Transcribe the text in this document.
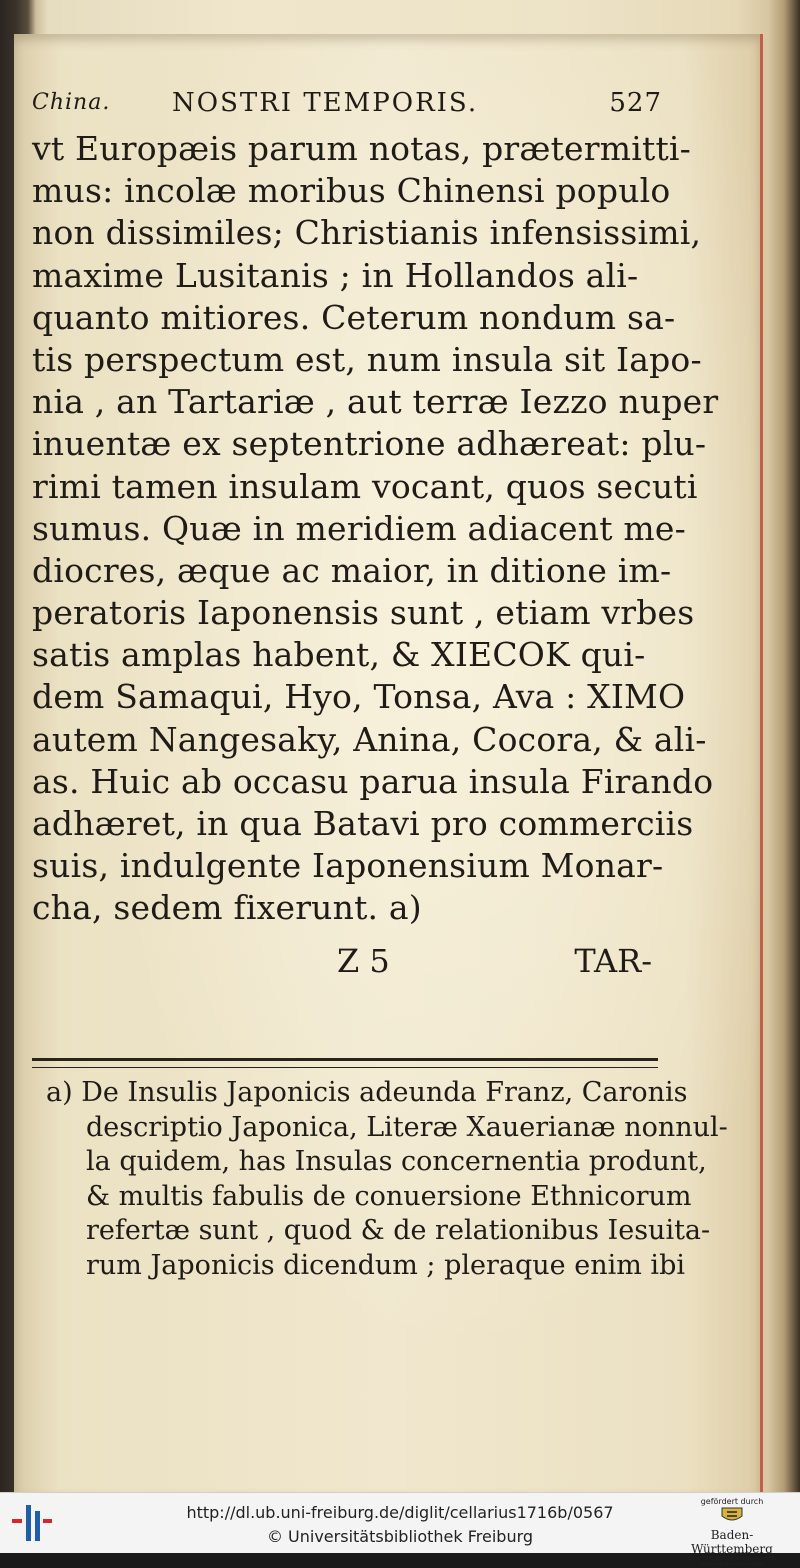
China. NOSTRI TEMPORIS.	527
vt Europæis parum notas, prætermitti-
mus: incolæ moribus Chinensi populo
non dissimiles; Christianis infensissimi,
maxime Lusitanis ; in Hollandos ali-
quanto mitiores. Ceterum nondum sa-
tis perspectum est, num insula sit Iapo-
nia , an Tartariæ , aut terræ Iezzo nuper
inuentæ ex septentrione adhæreat: plu-
rimi tamen insulam vocant, quos secuti
sumus. Quæ in meridiem adiacent me-
diocres, æque ac maior, in ditione im-
peratoris Iaponensis sunt , etiam vrbes
satis amplas habent, & XIECOK qui-
dem Samaqui, Hyo, Tonsa, Ava : XIMO
autem Nangesaky, Anina, Cocora, & ali-
as. Huic ab occasu parua insula Firando
adhæret, in qua Batavi pro commerciis
suis, indulgente Iaponensium Monar-
cha, sedem fixerunt. a)
Z 5	TAR-
a) De Insulis Japonicis adeunda Franz, Caronis
descriptio Japonica, Literæ Xauerianæ nonnul-
la quidem, has Insulas concernentia produnt,
& multis fabulis de conuersione Ethnicorum
refertæ sunt , quod & de relationibus Iesuita-
rum Japonicis dicendum ; pleraque enim ibi
http://dl.ub.uni-freiburg.de/diglit/cellarius1716b/0567
© Universitätsbibliothek Freiburg
gefördert durch
Baden-Württemberg
MINISTERIUM FÜR WISSENSCHAFT, FORSCHUNG UND KUNST
